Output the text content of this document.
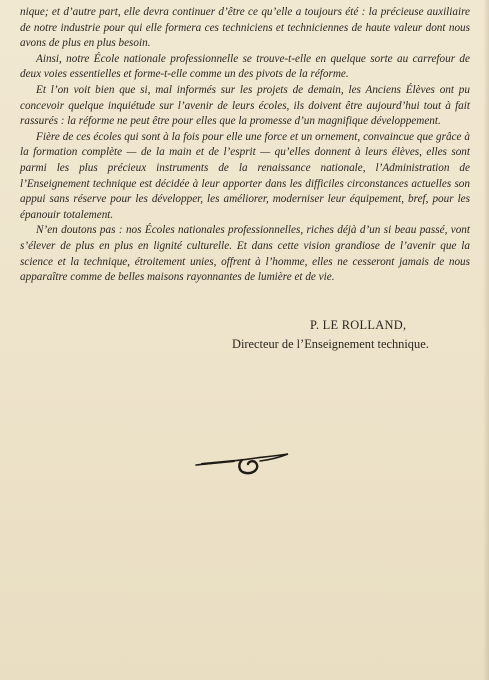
nique; et d’autre part, elle devra continuer d’être ce qu’elle a toujours été : la précieuse auxiliaire de notre industrie pour qui elle formera ces techniciens et techniciennes de haute valeur dont nous avons de plus en plus besoin.

Ainsi, notre École nationale professionnelle se trouve-t-elle en quelque sorte au carrefour de deux voies essentielles et forme-t-elle comme un des pivots de la réforme.

Et l’on voit bien que si, mal informés sur les projets de demain, les Anciens Élèves ont pu concevoir quelque inquiétude sur l’avenir de leurs écoles, ils doivent être aujourd’hui tout à fait rassurés : la réforme ne peut être pour elles que la promesse d’un magnifique développement.

Fière de ces écoles qui sont à la fois pour elle une force et un ornement, convaincue que grâce à la formation complète — de la main et de l’esprit — qu’elles donnent à leurs élèves, elles sont parmi les plus précieux instruments de la renaissance nationale, l’Administration de l’Enseignement technique est décidée à leur apporter dans les difficiles circonstances actuelles son appui sans réserve pour les développer, les améliorer, moderniser leur équipement, bref, pour les épanouir totalement.

N’en doutons pas : nos Écoles nationales professionnelles, riches déjà d’un si beau passé, vont s’élever de plus en plus en lignité culturelle. Et dans cette vision grandiose de l’avenir que la science et la technique, étroitement unies, offrent à l’homme, elles ne cesseront jamais de nous apparaître comme de belles maisons rayonnantes de lumière et de vie.

P. LE ROLLAND,
Directeur de l’Enseignement technique.
